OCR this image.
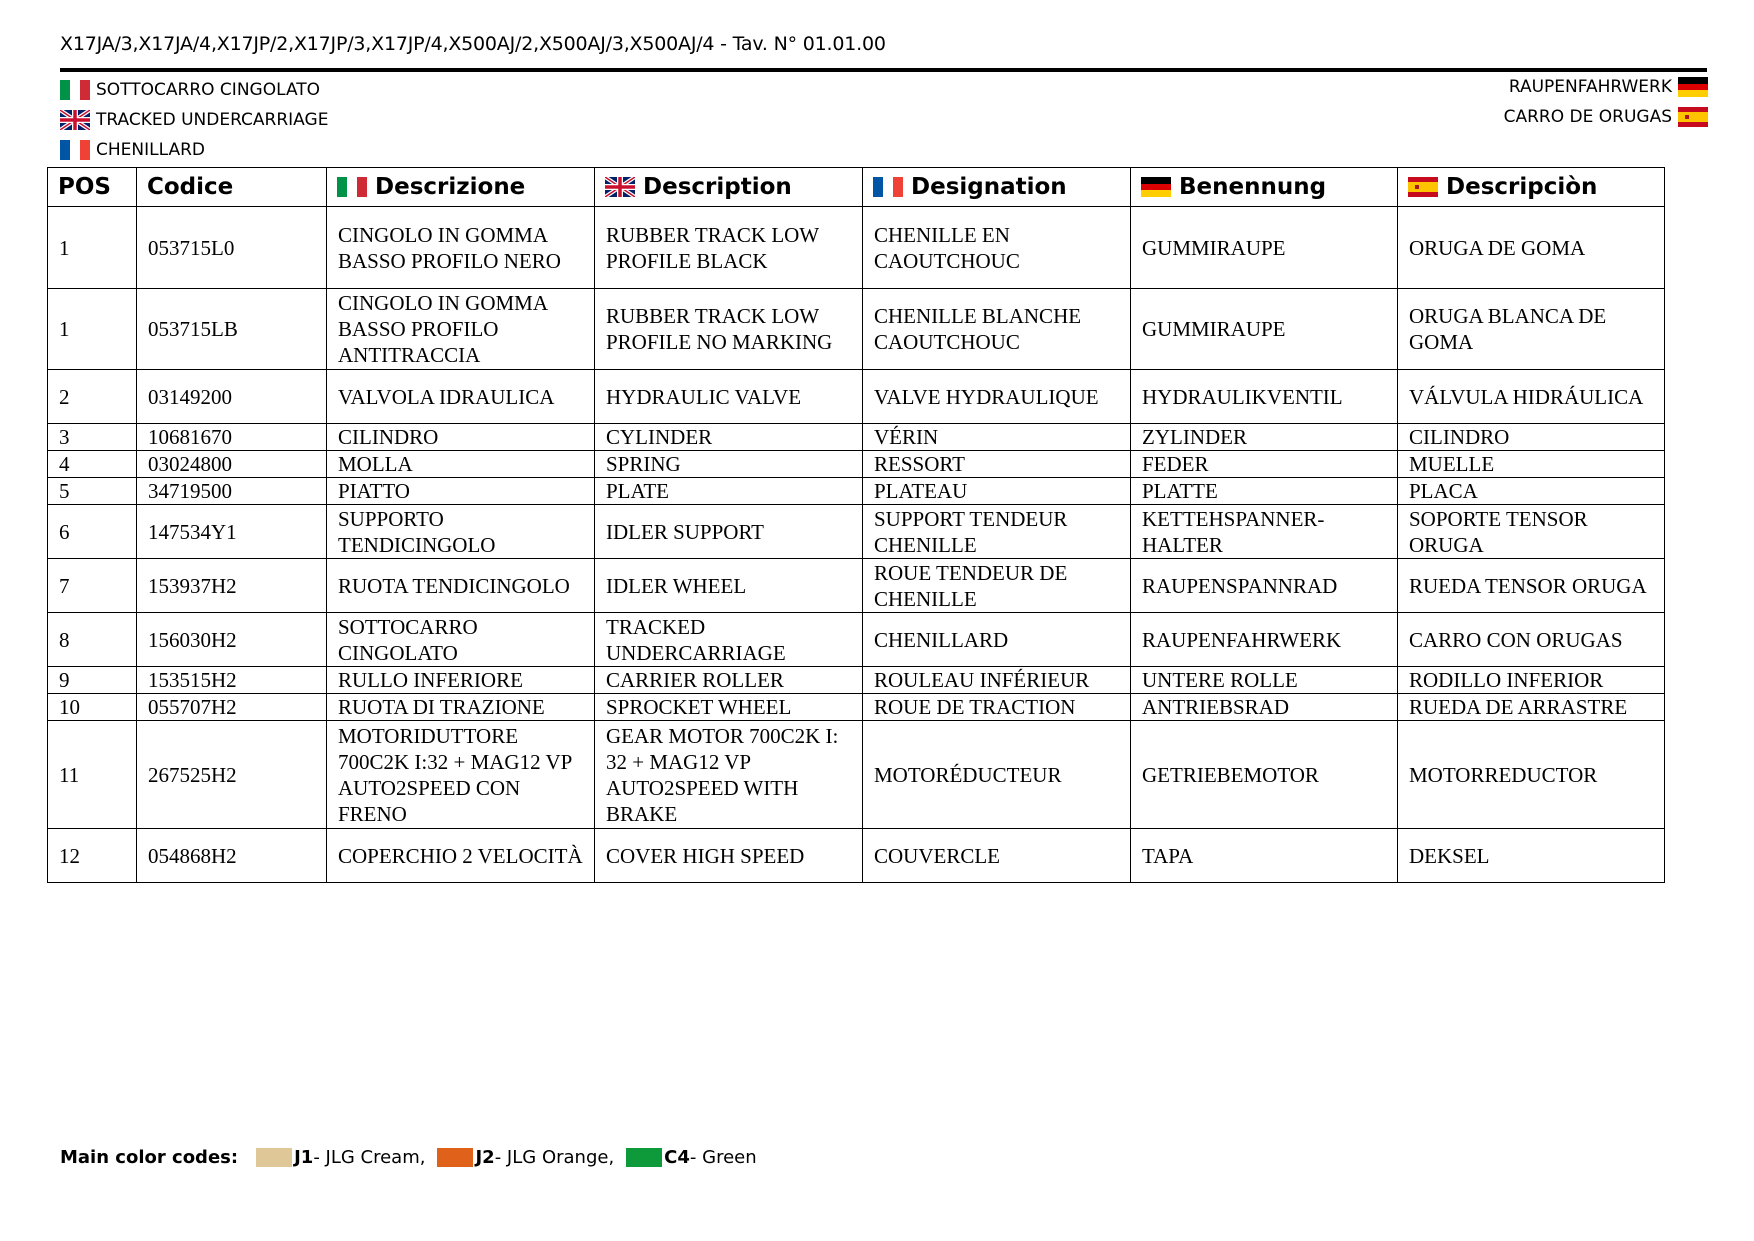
X17JA/3,X17JA/4,X17JP/2,X17JP/3,X17JP/4,X500AJ/2,X500AJ/3,X500AJ/4 - Tav. N° 01.01.00
SOTTOCARRO CINGOLATO
TRACKED UNDERCARRIAGE
CHENILLARD
RAUPENFAHRWERK
CARRO DE ORUGAS
POS	Codice	Descrizione	Description	Designation	Benennung	Descripciòn

1	053715L0	CINGOLO IN GOMMA BASSO PROFILO NERO	RUBBER TRACK LOW PROFILE BLACK	CHENILLE EN CAOUTCHOUC	GUMMIRAUPE	ORUGA DE GOMA
1	053715LB	CINGOLO IN GOMMA BASSO PROFILO ANTITRACCIA	RUBBER TRACK LOW PROFILE NO MARKING	CHENILLE BLANCHE CAOUTCHOUC	GUMMIRAUPE	ORUGA BLANCA DE GOMA
2	03149200	VALVOLA IDRAULICA	HYDRAULIC VALVE	VALVE HYDRAULIQUE	HYDRAULIKVENTIL	VÁLVULA HIDRÁULICA
3	10681670	CILINDRO	CYLINDER	VÉRIN	ZYLINDER	CILINDRO
4	03024800	MOLLA	SPRING	RESSORT	FEDER	MUELLE
5	34719500	PIATTO	PLATE	PLATEAU	PLATTE	PLACA
6	147534Y1	SUPPORTO TENDICINGOLO	IDLER SUPPORT	SUPPORT TENDEUR CHENILLE	KETTEHSPANNER-HALTER	SOPORTE TENSOR ORUGA
7	153937H2	RUOTA TENDICINGOLO	IDLER WHEEL	ROUE TENDEUR DE CHENILLE	RAUPENSPANNRAD	RUEDA TENSOR ORUGA
8	156030H2	SOTTOCARRO CINGOLATO	TRACKED UNDERCARRIAGE	CHENILLARD	RAUPENFAHRWERK	CARRO CON ORUGAS
9	153515H2	RULLO INFERIORE	CARRIER ROLLER	ROULEAU INFÉRIEUR	UNTERE ROLLE	RODILLO INFERIOR
10	055707H2	RUOTA DI TRAZIONE	SPROCKET WHEEL	ROUE DE TRACTION	ANTRIEBSRAD	RUEDA DE ARRASTRE
11	267525H2	MOTORIDUTTORE 700C2K I:32 + MAG12 VP AUTO2SPEED CON FRENO	GEAR MOTOR 700C2K I: 32 + MAG12 VP AUTO2SPEED WITH BRAKE	MOTORÉDUCTEUR	GETRIEBEMOTOR	MOTORREDUCTOR
12	054868H2	COPERCHIO 2 VELOCITÀ	COVER HIGH SPEED	COUVERCLE	TAPA	DEKSEL
Main color codes:	J1 - JLG Cream,	J2 - JLG Orange,	C4 - Green
